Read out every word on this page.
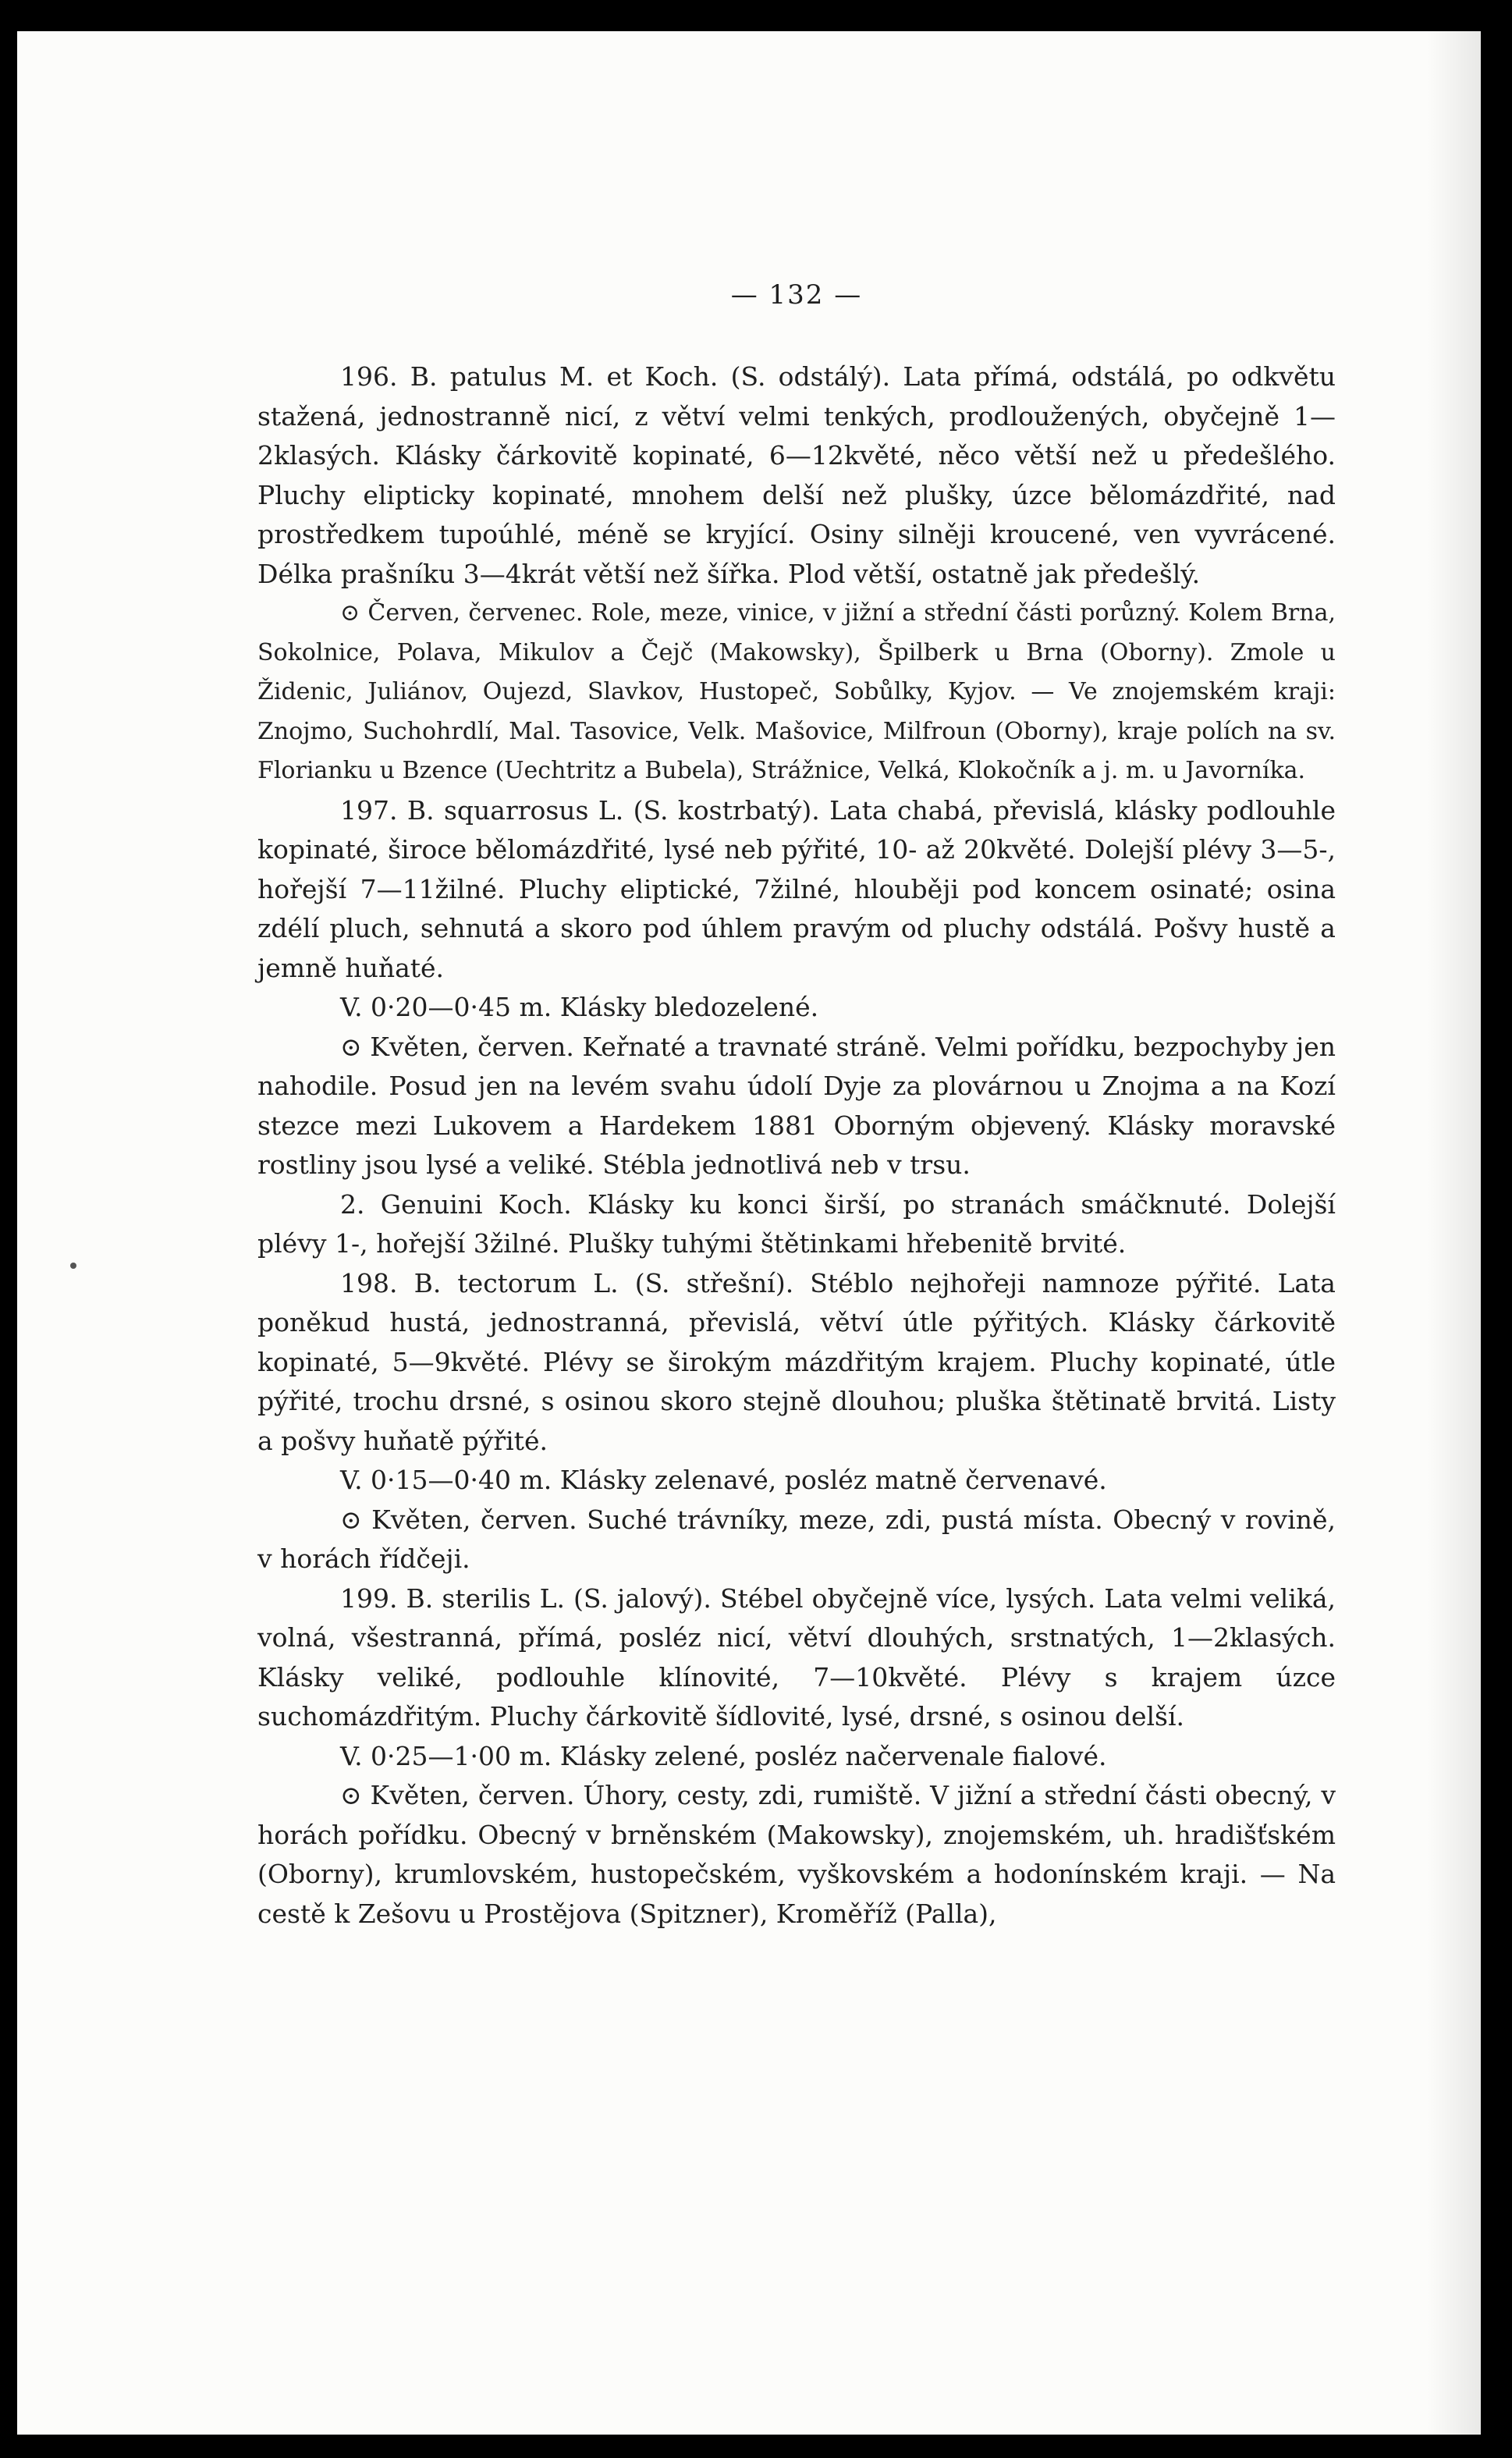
— 132 —

196. B. patulus M. et Koch. (S. odstálý). Lata přímá, odstálá, po odkvětu stažená, jednostranně nicí, z větví velmi tenkých, prodloužených, obyčejně 1—2klasých. Klásky čárkovitě kopinaté, 6—12květé, něco větší než u předešlého. Pluchy elipticky kopinaté, mnohem delší než plušky, úzce bělomázdřité, nad prostředkem tupoúhlé, méně se kryjící. Osiny silněji kroucené, ven vyvrácené. Délka prašníku 3—4krát větší než šířka. Plod větší, ostatně jak předešlý.

⊙ Červen, červenec. Role, meze, vinice, v jižní a střední části porůzný. Kolem Brna, Sokolnice, Polava, Mikulov a Čejč (Makowsky), Špilberk u Brna (Oborny). Zmole u Židenic, Juliánov, Oujezd, Slavkov, Hustopeč, Sobůlky, Kyjov. — Ve znojemském kraji: Znojmo, Suchohrdlí, Mal. Tasovice, Velk. Mašovice, Milfroun (Oborny), kraje polích na sv. Florianku u Bzence (Uechtritz a Bubela), Strážnice, Velká, Klokočník a j. m. u Javorníka.

197. B. squarrosus L. (S. kostrbatý). Lata chabá, převislá, klásky podlouhle kopinaté, široce bělomázdřité, lysé neb pýřité, 10- až 20květé. Dolejší plévy 3—5-, hořejší 7—11žilné. Pluchy eliptické, 7žilné, hlouběji pod koncem osinaté; osina zdélí pluch, sehnutá a skoro pod úhlem pravým od pluchy odstálá. Pošvy hustě a jemně huňaté.

V. 0·20—0·45 m. Klásky bledozelené.

⊙ Květen, červen. Keřnaté a travnaté stráně. Velmi pořídku, bezpochyby jen nahodile. Posud jen na levém svahu údolí Dyje za plovárnou u Znojma a na Kozí stezce mezi Lukovem a Hardekem 1881 Oborným objevený. Klásky moravské rostliny jsou lysé a veliké. Stébla jednotlivá neb v trsu.

2. Genuini Koch. Klásky ku konci širší, po stranách smáčknuté. Dolejší plévy 1-, hořejší 3žilné. Plušky tuhými štětinkami hřebenitě brvité.

198. B. tectorum L. (S. střešní). Stéblo nejhořeji namnoze pýřité. Lata poněkud hustá, jednostranná, převislá, větví útle pýřitých. Klásky čárkovitě kopinaté, 5—9květé. Plévy se širokým mázdřitým krajem. Pluchy kopinaté, útle pýřité, trochu drsné, s osinou skoro stejně dlouhou; pluška štětinatě brvitá. Listy a pošvy huňatě pýřité.

V. 0·15—0·40 m. Klásky zelenavé, posléz matně červenavé.

⊙ Květen, červen. Suché trávníky, meze, zdi, pustá místa. Obecný v rovině, v horách řídčeji.

199. B. sterilis L. (S. jalový). Stébel obyčejně více, lysých. Lata velmi veliká, volná, všestranná, přímá, posléz nicí, větví dlouhých, srstnatých, 1—2klasých. Klásky veliké, podlouhle klínovité, 7—10květé. Plévy s krajem úzce suchomázdřitým. Pluchy čárkovitě šídlovité, lysé, drsné, s osinou delší.

V. 0·25—1·00 m. Klásky zelené, posléz načervenale fialové.

⊙ Květen, červen. Úhory, cesty, zdi, rumiště. V jižní a střední části obecný, v horách pořídku. Obecný v brněnském (Makowsky), znojemském, uh. hradišťském (Oborny), krumlovském, hustopečském, vyškovském a hodonínském kraji. — Na cestě k Zešovu u Prostějova (Spitzner), Kroměříž (Palla),
